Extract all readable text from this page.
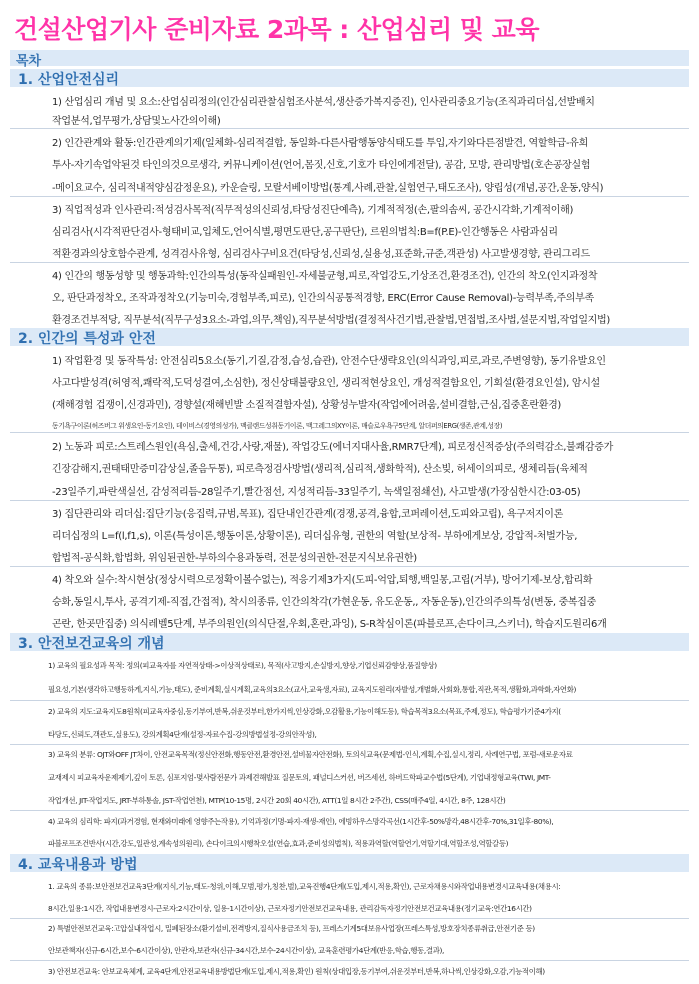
건설산업기사 준비자료 2과목 : 산업심리 및 교육
목차
1. 산업안전심리
1) 산업심리 개념 및 요소:산업심리정의(인간심리관찰심험조사분석,생산증가복지증진), 인사관리중요기능(조직과리더십,선발배치
작업분석,업무평가,상담및노사간의이해)
2) 인간관계와 활동:인간관계의기제(일체화-심리적결합, 동일화-다른사람행동양식태도를 투입,자기와다른점발견, 역할학급-유희
투사-자기속업악된것 타인의것으로생각, 커뮤니케이션(언어,몸짓,신호,기호가 타인에게전달), 공감, 모방, 관리방법(호손공장실험
-메이요교수, 심리적내적양심감정운요), 카운슬링, 모랄서베이방법(통계,사례,관찰,실험연구,태도조사), 양립성(개념,공간,운동,양식)
3) 직업적성과 인사관리:적성검사목적(직무적성의신뢰성,타당성진단예측), 기계적적정(손,팔의솜씨, 공간시각화,기계적이해)
심리검사(시각적판단검사-형태비교,입체도,언어식별,평면도판단,공구판단), 르윈의법칙:B=f(P.E)-인간행동은 사람과심리
적환경과의상호함수관계, 성격검사유형, 심리검사구비요건(타당성,신뢰성,실용성,표준화,규준,객관성) 사고발생경향, 관리그리드
4) 인간의 행동성향 및 행동과학:인간의특성(동작실패원인-자세불균형,피로,작업강도,기상조건,환경조건), 인간의 착오(인지과정착
오, 판단과정착오, 조작과정착오(기능미숙,경험부족,피로), 인간의식공통적경향, ERC(Error Cause Removal)-능력부족,주의부족
환경조건부적당, 직무분석(직무구성3요소-과업,의무,책임),직무분석방법(결정적사건기법,관찰법,면접법,조사법,설문지법,작업일지법)
2. 인간의 특성과 안전
1) 작업환경 및 동작특성: 안전심리5요소(동기,기질,감정,습성,습관), 안전수단생략요인(의식과잉,피로,과로,주변영향), 동기유발요인
사고다발성격(허영적,쾌락적,도덕성결여,소심한), 정신상태불량요인, 생리적현상요인, 개성적결함요인, 기회설(환경요인설), 암시설
(재해경험 겁쟁이,신경과민), 경향설(재해빈발 소질적결함자설), 상황성누발자(작업에어려움,설비결함,근심,집중혼란환경)
동기욕구이론(허즈버그 위생요인-동기요인), 데이비스(경영의성가), 맥클랜드성취동기이론, 맥그레그의XY이론, 매슬로우욕구5단계, 알더퍼의ERG(생존,관계,성장)
2) 노동과 피로:스트레스원인(욕심,출세,건강,사랑,재물), 작업강도(에너지대사율,RMR7단계), 피로정신적증상(주의력감소,불쾌감증가
긴장감해지,권태태만증미감상실,졸음두통), 피로측정검사방법(생리적,심리적,생화학적), 산소빚, 허세이의피로, 생체리듬(육체적
-23일주기,파란색실선, 감성적리듬-28일주기,빨간점선, 지성적리듬-33일주기, 녹색일점쇄선), 사고발생(가장심한시간:03-05)
3) 집단관리와 리더십:집단기능(응집력,규범,목표), 집단내인간관계(경쟁,공격,융합,코퍼레이션,도피와고립), 욕구저지이론
리더십정의 L=f(l,f1,s), 이론(특성이론,행동이론,상황이론), 리더십유형, 권한의 역할(보상적- 부하에게보상, 강압적-처벌가능,
합법적-공식화,합법화, 위임된권한-부하의수용과동력, 전문성의권한-전문지식보유권한)
4) 착오와 실수:착시현상(정상시력으로정확이볼수없는), 적응기제3가지(도피-억압,퇴행,백일몽,고립(거부), 방어기제-보상,합리화
승화,동일시,투사, 공격기제-직접,간접적), 착시의종류, 인간의착각(가현운동, 유도운동,, 자동운동),인간의주의특성(변동, 중복집중
곤란, 한곳만집중) 의식레벨5단계, 부주의원인(의식단절,우회,혼란,과잉), S-R착심이론(파블로프,손다이크,스키너), 학습지도원리6개
3. 안전보건교육의 개념
1) 교육의 필요성과 목적: 정의(피교육자를 자연적상태->이상적상태로), 목적(사고방지,손실방지,향상,기업신뢰감향상,품질향상)
필요성,기본(생각하고행동하게,지식,기능,태도), 준비계획,실시계획,교육의3요소(교사,교육생,자료), 교육지도원리(자발성,개별화,사회화,통합,직관,목적,생활화,과학화,자연화)
2) 교육의 지도:교육지도8원칙(피교육자중심,동기부여,반복,쉬운것부터,한가지씩,인상강화,오감활용,기능이해도등), 학습목적3요소(목표,주제,정도), 학습평가기준4가지(
타당도,신뢰도,객관도,실용도), 강의계획4단계(설정-자료수집-강의방법설정-강의안작성),
3) 교육의 분류: OJT와OFF JT차이, 안전교육목적(정신안전화,행동안전,환경안전,설비물자안전화), 토의식교육(문제법-인식,계획,수집,실시,정리, 사례연구법, 포럼-새로운자료
교재제시 피교육자운제제기,깊이 토론, 심포지엄-몇사람전문가 과제견해발표 질문토의, 패널디스커션, 버즈세션, 하버드학파교수법(5단계), 기업내정형교육(TWI, JMT-
작업개선, JIT-작업지도, JRT-부하통솔, JST-작업연천), MTP(10-15명, 2시간 20회 40시간), ATT(1일 8시간 2주간), CSS(매주4일, 4시간, 8주, 128시간)
4) 교육의 심리학: 파지(과거경험, 현재와미래에 영향주는작용), 기억과정(기명-파지-재생-재인), 에빙하우스망각곡선(1시간후-50%망각,48시간후-70%,31일후-80%),
파블로프조건반사(시간,강도,일관성,계속성의원리), 손다이크의시행착오설(연습,효과,준비성의법칙), 적용과역할(역할연기,역할기대,역할조성,역할갈등)
4. 교육내용과 방법
1. 교육의 종류:보안전보건교육3단계(지식,기능,태도-청위,이해,모범,평가,칭찬,벌),교육진행4단계(도입,제시,적용,확인), 근로자채용시와작업내용변경시교육내용(채용시:
8시간,일용:1시간, 작업내용변경시-근로자:2시간이상, 일용-1시간이상), 근로자정기안전보건교육내용, 관리감독자정기안전보건교육내용(정기교육:연간16시간)
2) 특별안전보건교육:고압실내작업시, 밀폐된장소(환기설비,전격방지,질식사용금조치 등), 프레스기계5대보유사업장(프레스특성,방호장치종류취급,안전기준 등)
안보관책자(신규-6시간,보수-6시간이상), 안관자,보관자(신규-34시간,보수-24시간이상), 교육훈련평가4단계(반응,학습,행동,결과),
3) 안전보건교육: 안보교육체계, 교육4단계,안전교육내용방법단계(도입,제시,적용,확인) 원칙(상대입장,동기부여,쉬운것부터,반복,하나씩,인상강화,오감,기능적이해)
